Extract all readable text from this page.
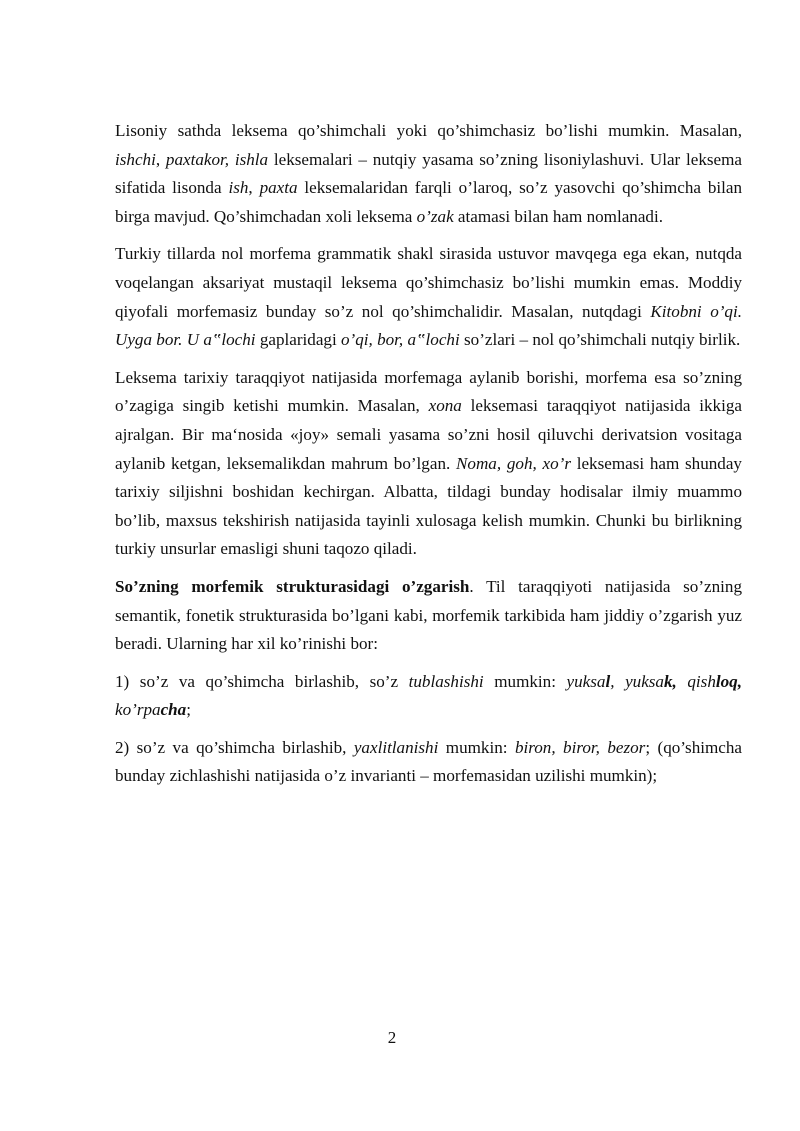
Lisoniy sathda leksema qo’shimchali yoki qo’shimchasiz bo’lishi mumkin. Masalan, ishchi, paxtakor, ishla leksemalari – nutqiy yasama so’zning lisoniylashuvi. Ular leksema sifatida lisonda ish, paxta leksemalaridan farqli o’laroq, so’z yasovchi qo’shimcha bilan birga mavjud. Qo’shimchadan xoli leksema o’zak atamasi bilan ham nomlanadi.

Turkiy tillarda nol morfema grammatik shakl sirasida ustuvor mavqega ega ekan, nutqda voqelangan aksariyat mustaqil leksema qo’shimchasiz bo’lishi mumkin emas. Moddiy qiyofali morfemasiz bunday so’z nol qo’shimchalidir. Masalan, nutqdagi Kitobni o’qi. Uyga bor. U a‟lochi gaplaridagi o’qi, bor, a‟lochi so’zlari – nol qo’shimchali nutqiy birlik.

Leksema tarixiy taraqqiyot natijasida morfemaga aylanib borishi, morfema esa so’zning o’zagiga singib ketishi mumkin. Masalan, xona leksemasi taraqqiyot natijasida ikkiga ajralgan. Bir ma‘nosida «joy» semali yasama so’zni hosil qiluvchi derivatsion vositaga aylanib ketgan, leksemalikdan mahrum bo’lgan. Noma, goh, xo’r leksemasi ham shunday tarixiy siljishni boshidan kechirgan. Albatta, tildagi bunday hodisalar ilmiy muammo bo’lib, maxsus tekshirish natijasida tayinli xulosaga kelish mumkin. Chunki bu birlikning turkiy unsurlar emasligi shuni taqozo qiladi.

So’zning morfemik strukturasidagi o’zgarish. Til taraqqiyoti natijasida so’zning semantik, fonetik strukturasida bo’lgani kabi, morfemik tarkibida ham jiddiy o’zgarish yuz beradi. Ularning har xil ko’rinishi bor:

1) so’z va qo’shimcha birlashib, so’z tublashishi mumkin: yuksal, yuksak, qishloq, ko’rpacha;

2) so’z va qo’shimcha birlashib, yaxlitlanishi mumkin: biron, biror, bezor; (qo’shimcha bunday zichlashishi natijasida o’z invarianti – morfemasidan uzilishi mumkin);

2
